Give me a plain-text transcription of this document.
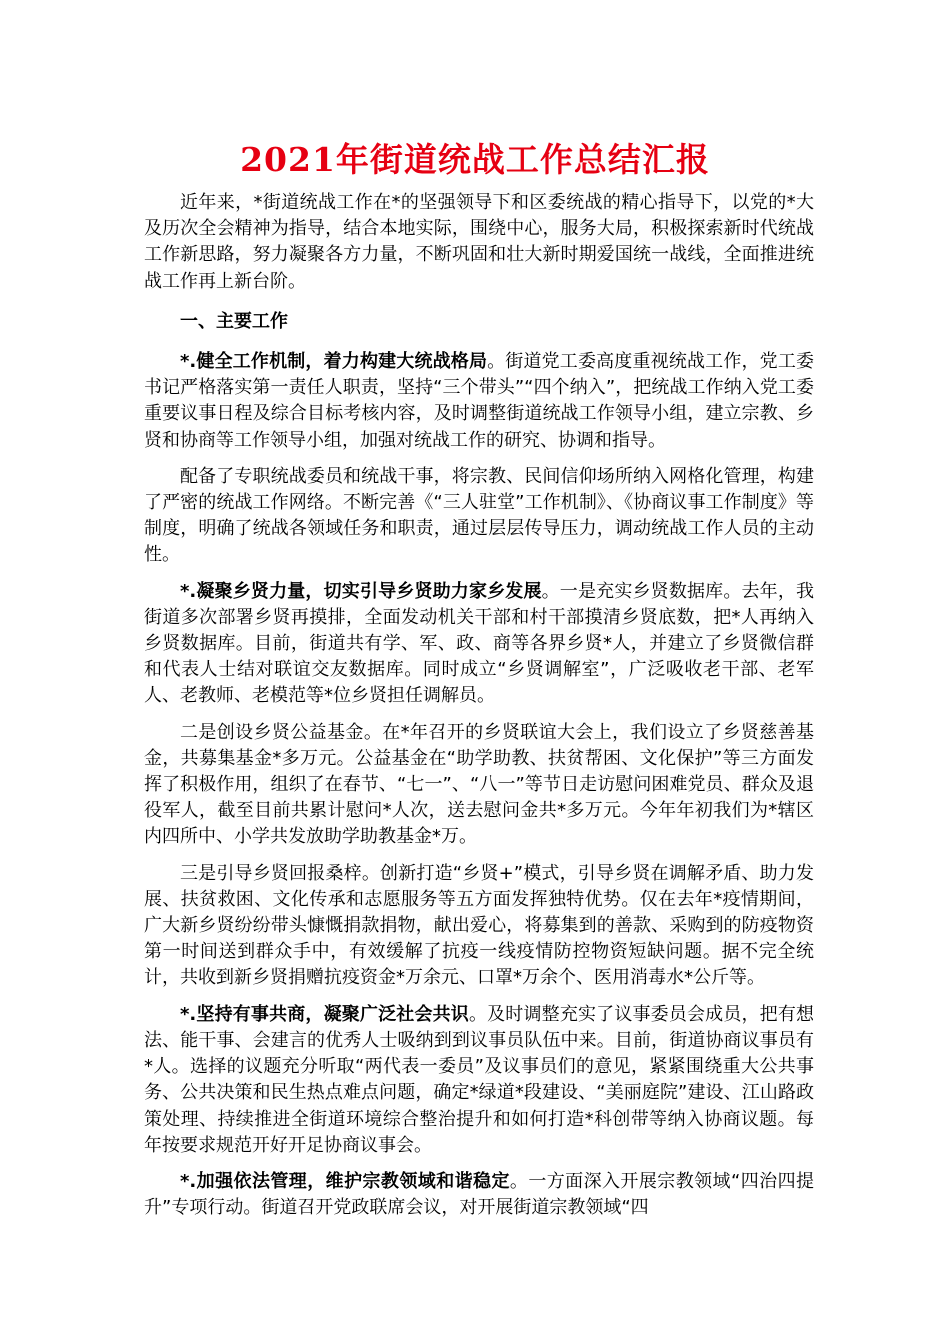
2021年街道统战工作总结汇报

近年来，*街道统战工作在*的坚强领导下和区委统战的精心指导下，以党的*大及历次全会精神为指导，结合本地实际，围绕中心，服务大局，积极探索新时代统战工作新思路，努力凝聚各方力量，不断巩固和壮大新时期爱国统一战线，全面推进统战工作再上新台阶。

一、主要工作

*.健全工作机制，着力构建大统战格局。街道党工委高度重视统战工作，党工委书记严格落实第一责任人职责，坚持“三个带头”“四个纳入”，把统战工作纳入党工委重要议事日程及综合目标考核内容，及时调整街道统战工作领导小组，建立宗教、乡贤和协商等工作领导小组，加强对统战工作的研究、协调和指导。

配备了专职统战委员和统战干事，将宗教、民间信仰场所纳入网格化管理，构建了严密的统战工作网络。不断完善《“三人驻堂”工作机制》、《协商议事工作制度》等制度，明确了统战各领域任务和职责，通过层层传导压力，调动统战工作人员的主动性。

*.凝聚乡贤力量，切实引导乡贤助力家乡发展。一是充实乡贤数据库。去年，我街道多次部署乡贤再摸排，全面发动机关干部和村干部摸清乡贤底数，把*人再纳入乡贤数据库。目前，街道共有学、军、政、商等各界乡贤*人，并建立了乡贤微信群和代表人士结对联谊交友数据库。同时成立“乡贤调解室”，广泛吸收老干部、老军人、老教师、老模范等*位乡贤担任调解员。

二是创设乡贤公益基金。在*年召开的乡贤联谊大会上，我们设立了乡贤慈善基金，共募集基金*多万元。公益基金在“助学助教、扶贫帮困、文化保护”等三方面发挥了积极作用，组织了在春节、“七一”、“八一”等节日走访慰问困难党员、群众及退役军人，截至目前共累计慰问*人次，送去慰问金共*多万元。今年年初我们为*辖区内四所中、小学共发放助学助教基金*万。

三是引导乡贤回报桑梓。创新打造“乡贤+”模式，引导乡贤在调解矛盾、助力发展、扶贫救困、文化传承和志愿服务等五方面发挥独特优势。仅在去年*疫情期间，广大新乡贤纷纷带头慷慨捐款捐物，献出爱心，将募集到的善款、采购到的防疫物资第一时间送到群众手中，有效缓解了抗疫一线疫情防控物资短缺问题。据不完全统计，共收到新乡贤捐赠抗疫资金*万余元、口罩*万余个、医用消毒水*公斤等。

*.坚持有事共商，凝聚广泛社会共识。及时调整充实了议事委员会成员，把有想法、能干事、会建言的优秀人士吸纳到到议事员队伍中来。目前，街道协商议事员有*人。选择的议题充分听取“两代表一委员”及议事员们的意见，紧紧围绕重大公共事务、公共决策和民生热点难点问题，确定*绿道*段建设、“美丽庭院”建设、江山路政策处理、持续推进全街道环境综合整治提升和如何打造*科创带等纳入协商议题。每年按要求规范开好开足协商议事会。

*.加强依法管理，维护宗教领域和谐稳定。一方面深入开展宗教领域“四治四提升”专项行动。街道召开党政联席会议，对开展街道宗教领域“四
